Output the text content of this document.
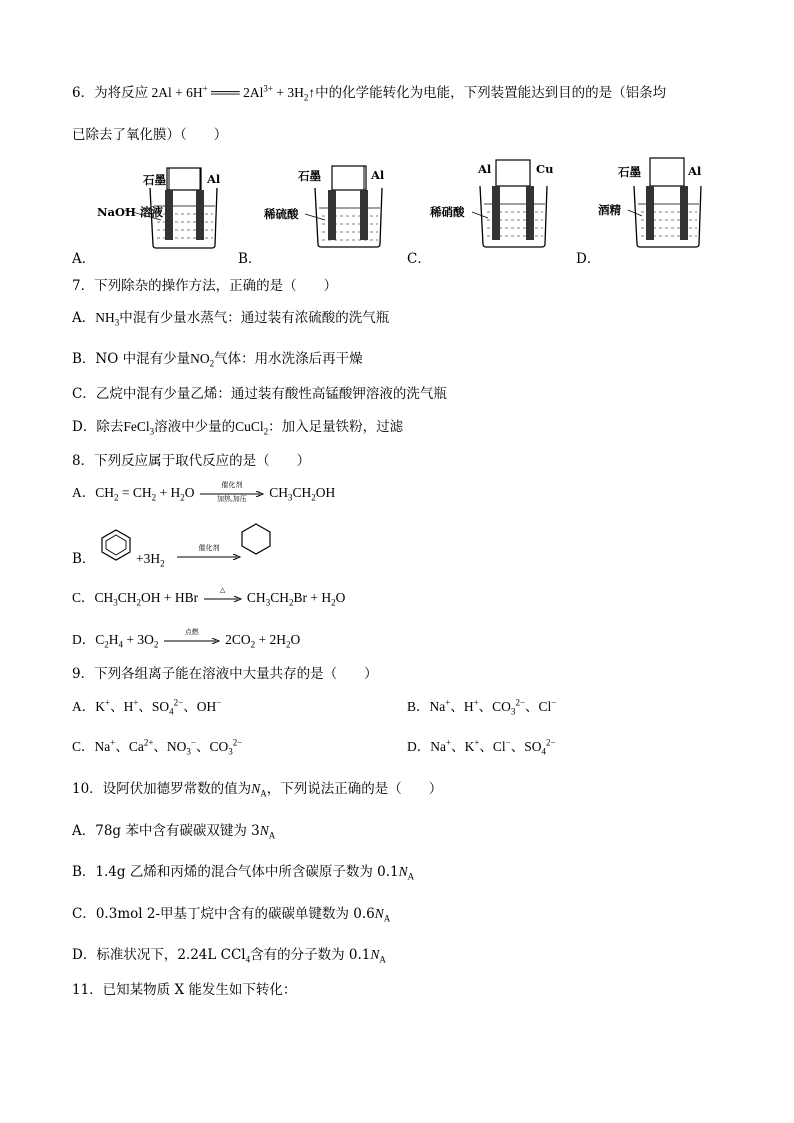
6．为将反应 2Al + 6H+ ═══ $2Al^{3+}$ + $3H_2↑$中的化学能转化为电能，下列装置能达到目的的是（铝条均
已除去了氧化膜）（　　）
石墨	Al
NaOH 溶液
A．
石墨	Al
稀硫酸
B．
Al	Cu
稀硝酸
C．
石墨	Al
酒精
D．
7．下列除杂的操作方法，正确的是（　　）
A．$NH_3$中混有少量水蒸气：通过装有浓硫酸的洗气瓶
B．NO 中混有少量$NO_2$气体：用水洗涤后再干燥
C．乙烷中混有少量乙烯：通过装有酸性高锰酸钾溶液的洗气瓶
D．除去FeCl$_3$溶液中少量的CuCl$_2$：加入足量铁粉，过滤
8．下列反应属于取代反应的是（　　）
A．$CH_2 = CH_2 + H_2O$
催化剂
加热,加压	$CH_3CH_2OH$
B．	$+3H_2$
催化剂
C．$CH_3CH_2OH$ + HBr
△
$CH_3CH_2Br + H_2O$
D．$C_2H_4 + 3O_2$
点燃
$2CO_2 + 2H_2O$
9．下列各组离子能在溶液中大量共存的是（　　）
A．K+、H+、$SO_4^{2-}$、OH−	B．Na+、H+、$CO_3^{2-}$、Cl−
C．Na+、$Ca^{2+}$、$NO_3^-$、$CO_3^{2-}$	D．Na+、K+、Cl−、$SO_4^{2-}$
10．设阿伏加德罗常数的值为$N_A$，下列说法正确的是（　　）
A．78g 苯中含有碳碳双键为 $3N_A$
B．1.4g 乙烯和丙烯的混合气体中所含碳原子数为 $0.1N_A$
C．0.3mol 2-甲基丁烷中含有的碳碳单键数为 $0.6N_A$
D．标准状况下，2.24L CCl$_4$含有的分子数为 $0.1N_A$
11．已知某物质 X 能发生如下转化：
